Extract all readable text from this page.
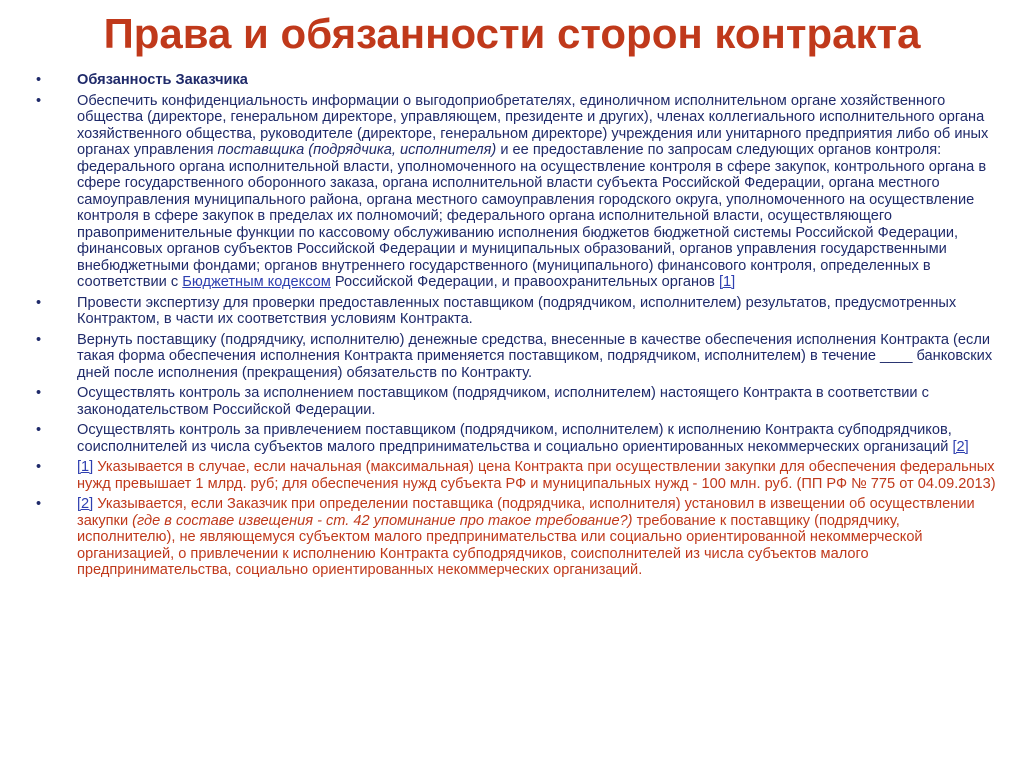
Права и обязанности сторон контракта
•	Обязанность Заказчика
•	Обеспечить конфиденциальность информации о выгодоприобретателях, единоличном исполнительном органе хозяйственного общества (директоре, генеральном директоре, управляющем, президенте и других), членах коллегиального исполнительного органа хозяйственного общества, руководителе (директоре, генеральном директоре) учреждения или унитарного предприятия либо об иных органах управления поставщика (подрядчика, исполнителя) и ее предоставление по запросам следующих органов контроля: федерального органа исполнительной власти, уполномоченного на осуществление контроля в сфере закупок, контрольного органа в сфере государственного оборонного заказа, органа исполнительной власти субъекта Российской Федерации, органа местного самоуправления муниципального района, органа местного самоуправления городского округа, уполномоченного на осуществление контроля в сфере закупок в пределах их полномочий; федерального органа исполнительной власти, осуществляющего правоприменительные функции по кассовому обслуживанию исполнения бюджетов бюджетной системы Российской Федерации, финансовых органов субъектов Российской Федерации и муниципальных образований, органов управления государственными внебюджетными фондами; органов внутреннего государственного (муниципального) финансового контроля, определенных в соответствии с Бюджетным кодексом Российской Федерации, и правоохранительных органов [1]
•	Провести экспертизу для проверки предоставленных поставщиком (подрядчиком, исполнителем) результатов, предусмотренных Контрактом, в части их соответствия условиям Контракта.
•	Вернуть поставщику (подрядчику, исполнителю) денежные средства, внесенные в качестве обеспечения исполнения Контракта (если такая форма обеспечения исполнения Контракта применяется поставщиком, подрядчиком, исполнителем) в течение ____ банковских дней после исполнения (прекращения) обязательств по Контракту.
•	Осуществлять контроль за исполнением поставщиком (подрядчиком, исполнителем) настоящего Контракта в соответствии с законодательством Российской Федерации.
•	Осуществлять контроль за привлечением поставщиком (подрядчиком, исполнителем) к исполнению Контракта субподрядчиков, соисполнителей из числа субъектов малого предпринимательства и социально ориентированных некоммерческих организаций [2]
•	[1] Указывается в случае, если начальная (максимальная) цена Контракта при осуществлении закупки для обеспечения федеральных нужд превышает 1 млрд. руб; для обеспечения нужд субъекта РФ и муниципальных нужд - 100 млн. руб. (ПП РФ № 775 от 04.09.2013)
•	[2] Указывается, если Заказчик при определении поставщика (подрядчика, исполнителя) установил в извещении об осуществлении закупки (где в составе извещения - ст. 42 упоминание про такое требование?) требование к поставщику (подрядчику, исполнителю), не являющемуся субъектом малого предпринимательства или социально ориентированной некоммерческой организацией, о привлечении к исполнению Контракта субподрядчиков, соисполнителей из числа субъектов малого предпринимательства, социально ориентированных некоммерческих организаций.
